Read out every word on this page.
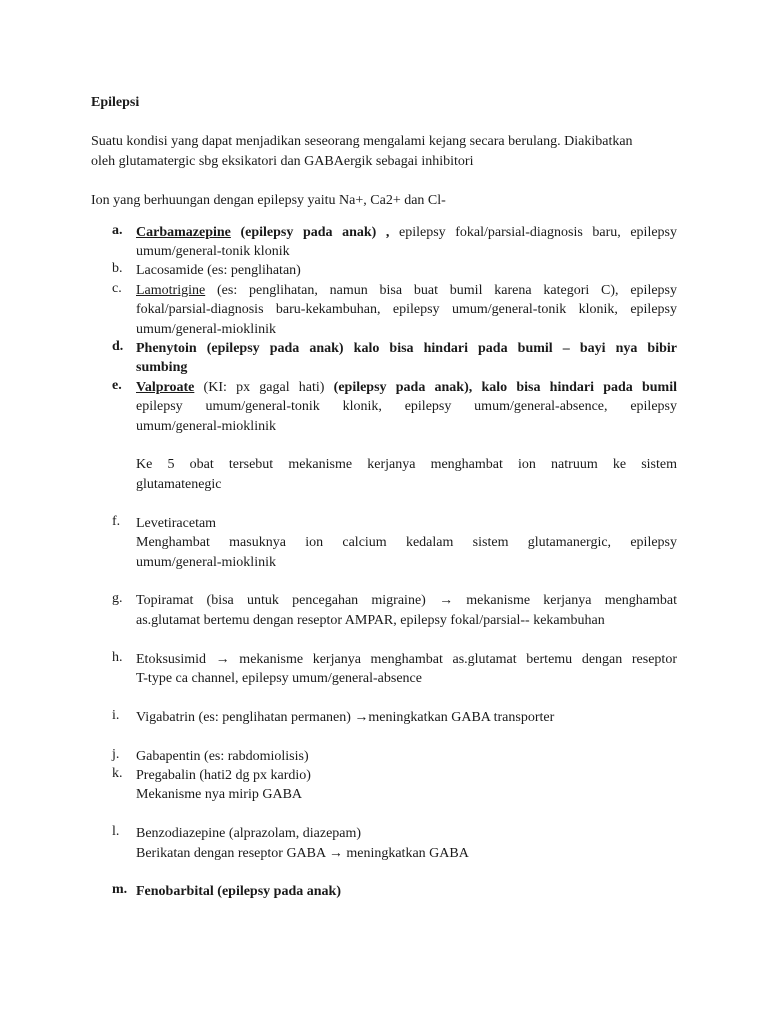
Epilepsi
Suatu kondisi yang dapat menjadikan seseorang mengalami kejang secara berulang. Diakibatkan
oleh glutamatergic sbg eksikatori dan GABAergik sebagai inhibitori
Ion yang berhuungan dengan epilepsy yaitu Na+, Ca2+ dan Cl-
a. Carbamazepine (epilepsy pada anak) , epilepsy fokal/parsial-diagnosis baru, epilepsy
umum/general-tonik klonik
b. Lacosamide (es: penglihatan)
c.	Lamotrigine (es: penglihatan, namun bisa buat bumil karena kategori C), epilepsy
fokal/parsial-diagnosis baru-kekambuhan, epilepsy umum/general-tonik klonik, epilepsy
umum/general-mioklinik
d. Phenytoin (epilepsy pada anak) kalo bisa hindari pada bumil – bayi nya bibir
sumbing
e.	Valproate (KI: px gagal hati) (epilepsy pada anak), kalo bisa hindari pada bumil
epilepsy umum/general-tonik klonik, epilepsy umum/general-absence, epilepsy
umum/general-mioklinik
Ke 5 obat tersebut mekanisme kerjanya menghambat ion natruum ke sistem
glutamatenegic
f.	Levetiracetam
Menghambat masuknya ion calcium kedalam sistem glutamanergic, epilepsy
umum/general-mioklinik
g. Topiramat (bisa untuk pencegahan migraine) → mekanisme kerjanya menghambat
as.glutamat bertemu dengan reseptor AMPAR, epilepsy fokal/parsial-- kekambuhan
h. Etoksusimid → mekanisme kerjanya menghambat as.glutamat bertemu dengan reseptor
T-type ca channel, epilepsy umum/general-absence
i.	Vigabatrin (es: penglihatan permanen) →meningkatkan GABA transporter
j.	Gabapentin (es: rabdomiolisis)
k. Pregabalin (hati2 dg px kardio)
Mekanisme nya mirip GABA
l.	Benzodiazepine (alprazolam, diazepam)
Berikatan dengan reseptor GABA → meningkatkan GABA
m. Fenobarbital (epilepsy pada anak)
